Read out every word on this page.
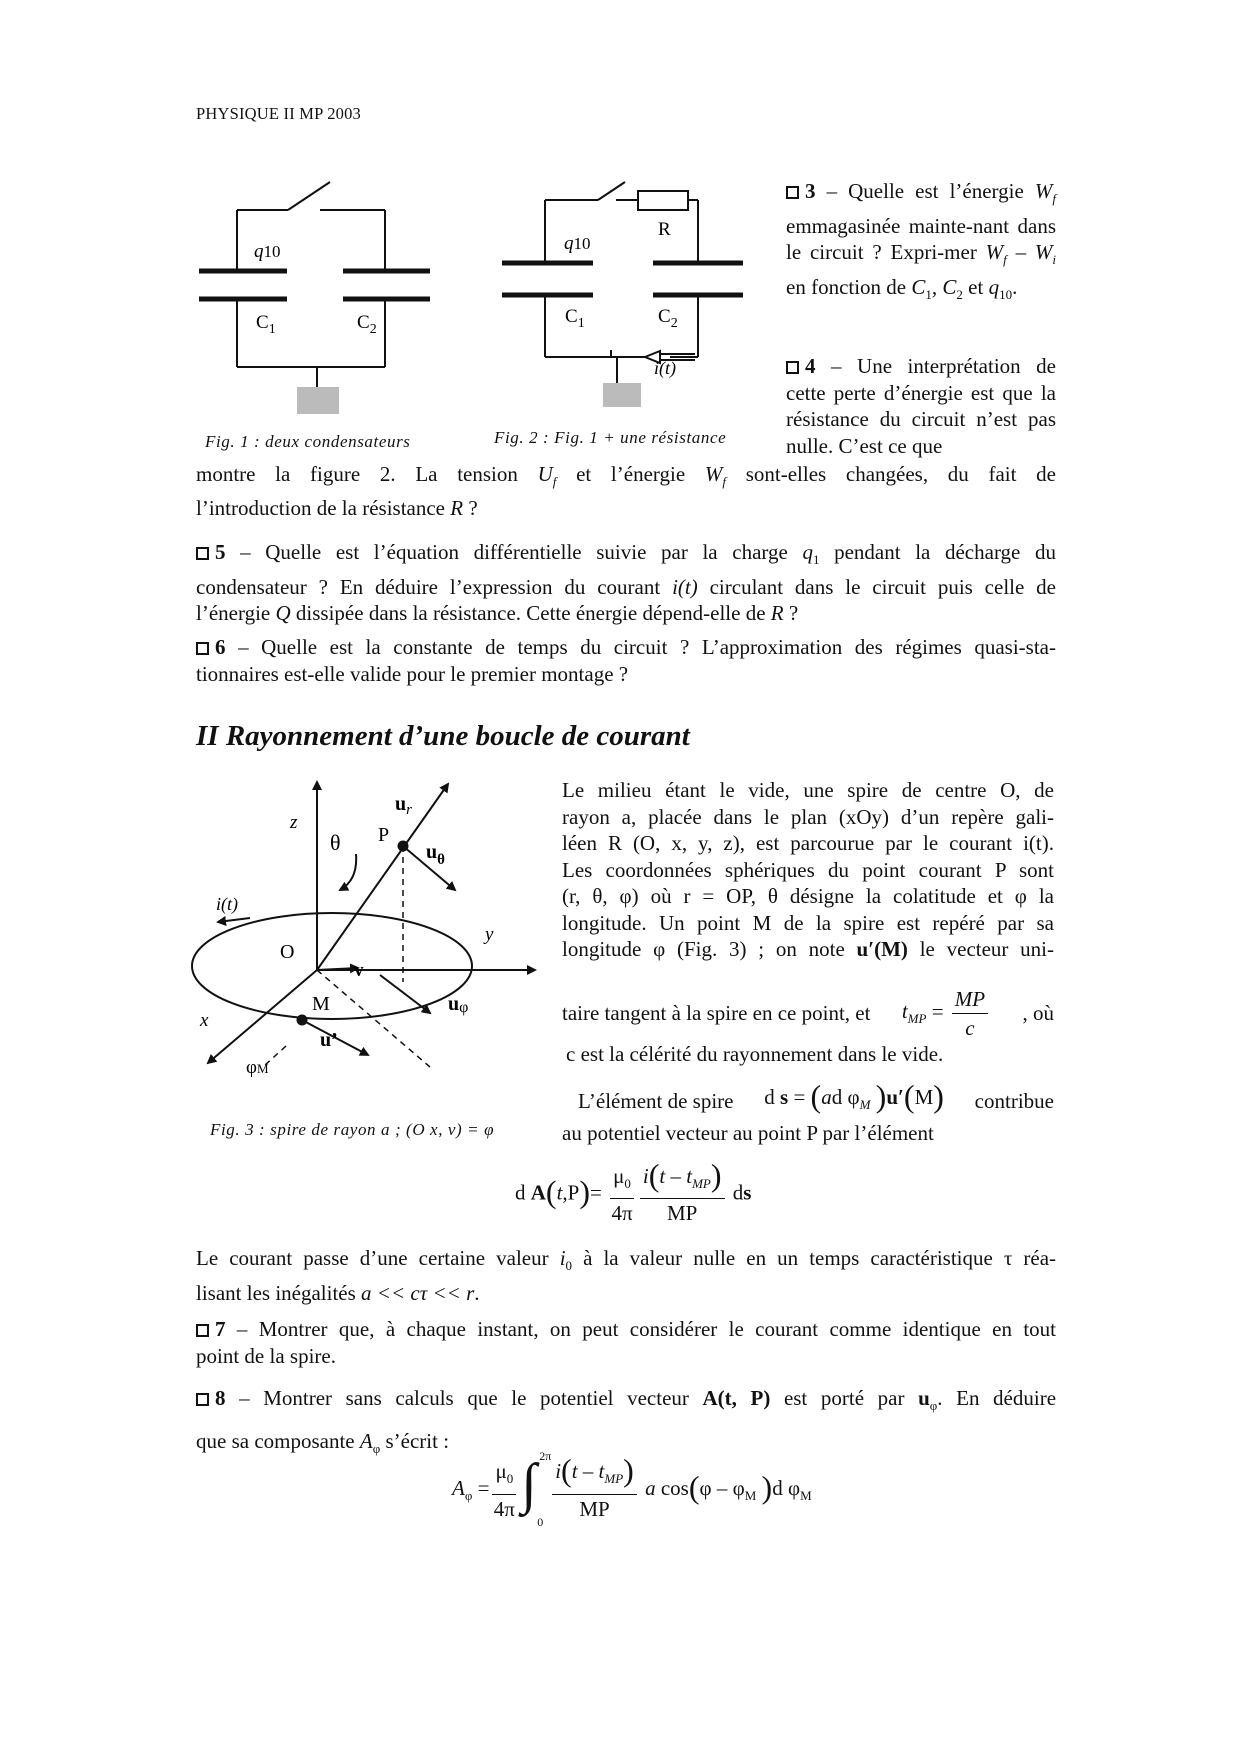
PHYSIQUE II MP 2003
q10
$C_1$	$C_2$
Fig. 1 : deux condensateurs
R
q10
$C_1$	$C_2$
i(t)
Fig. 2 : Fig. 1 + une résistance
3 – Quelle est l’énergie $W_f$ emmagasinée mainte-nant dans le circuit ? Expri-mer $W_f - W_i$ en fonction de $C_1$, $C_2$ et $q_{10}$.
4 – Une interprétation de cette perte d’énergie est que la résistance du circuit n’est pas nulle. C’est ce que
montre la figure 2. La tension $U_f$ et l’énergie $W_f$ sont-elles changées, du fait de
l’introduction de la résistance R ?
5 – Quelle est l’équation différentielle suivie par la charge $q_1$ pendant la décharge du
condensateur ? En déduire l’expression du courant i(t) circulant dans le circuit puis celle de
l’énergie Q dissipée dans la résistance. Cette énergie dépend-elle de R ?
6 – Quelle est la constante de temps du circuit ? L’approximation des régimes quasi-sta-
tionnaires est-elle valide pour le premier montage ?
II Rayonnement d’une boucle de courant
z
y
x
O
P
M
θ
$u_r$
$u_\theta$
uφ
u’
v
i(t)
φM
Fig. 3 : spire de rayon a ; (O x, v) = φ
Le milieu étant le vide, une spire de centre O, de
rayon a, placée dans le plan (xOy) d’un repère gali-
léen R (O, x, y, z), est parcourue par le courant i(t).
Les coordonnées sphériques du point courant P sont
(r, θ, φ) où r = OP, θ désigne la colatitude et φ la
longitude. Un point M de la spire est repéré par sa
longitude φ (Fig. 3) ; on note u′(M) le vecteur uni-
taire tangent à la spire en ce point, et $t_{MP} = \frac{MP}{c}$ , où
c est la célérité du rayonnement dans le vide.
L’élément de spire d s = (ad $\varphi_M$ )u′(M) contribue
au potentiel vecteur au point P par l’élément
d $A(t,P)= \frac{\mu_0}{4\pi} \frac{i(t - t_{MP})}{MP}$ ds
Le courant passe d’une certaine valeur $i_0$ à la valeur nulle en un temps caractéristique τ réa-
lisant les inégalités a << cτ << r.
7 – Montrer que, à chaque instant, on peut considérer le courant comme identique en tout
point de la spire.
8 – Montrer sans calculs que le potentiel vecteur A(t, P) est porté par $u_\varphi$. En déduire
que sa composante $A_\varphi$ s’écrit :
$A_\varphi = \frac{\mu_0}{4\pi}$ ∫ 2π
$0 \frac{i(t - t_{MP})}{MP}$ a $\cos(\varphi - \varphi_M$ )d $\varphi_M$
